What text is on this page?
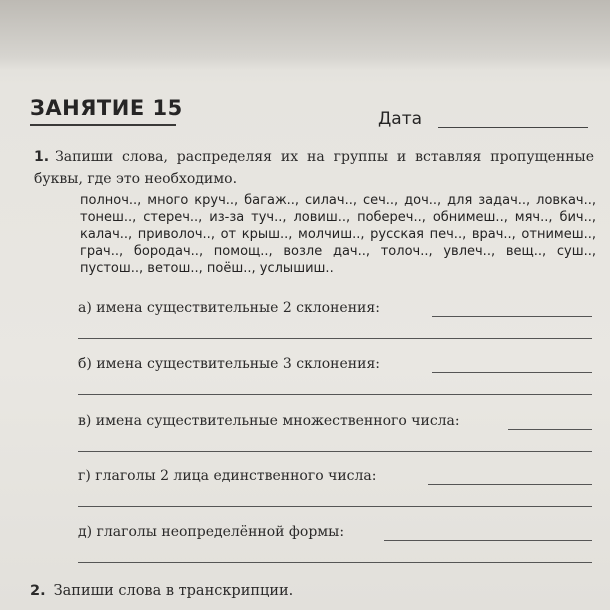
ЗАНЯТИЕ 15	Дата
1. Запиши слова, распределяя их на группы и вставляя пропущенные буквы, где это необходимо.
полноч.., много круч.., багаж.., силач.., сеч.., доч.., для задач.., ловкач.., тонеш.., стереч.., из-за туч.., ловиш.., побереч.., обнимеш.., мяч.., бич.., калач.., приволоч.., от крыш.., молчиш.., русская печ.., врач.., отнимеш.., грач.., бородач.., помощ.., возле дач.., толоч.., увлеч.., вещ.., суш.., пустош.., ветош.., поёш.., услышиш..
а) имена существительные 2 склонения:
б) имена существительные 3 склонения:
в) имена существительные множественного числа:
г) глаголы 2 лица единственного числа:
д) глаголы неопределённой формы:
2. Запиши слова в транскрипции.
